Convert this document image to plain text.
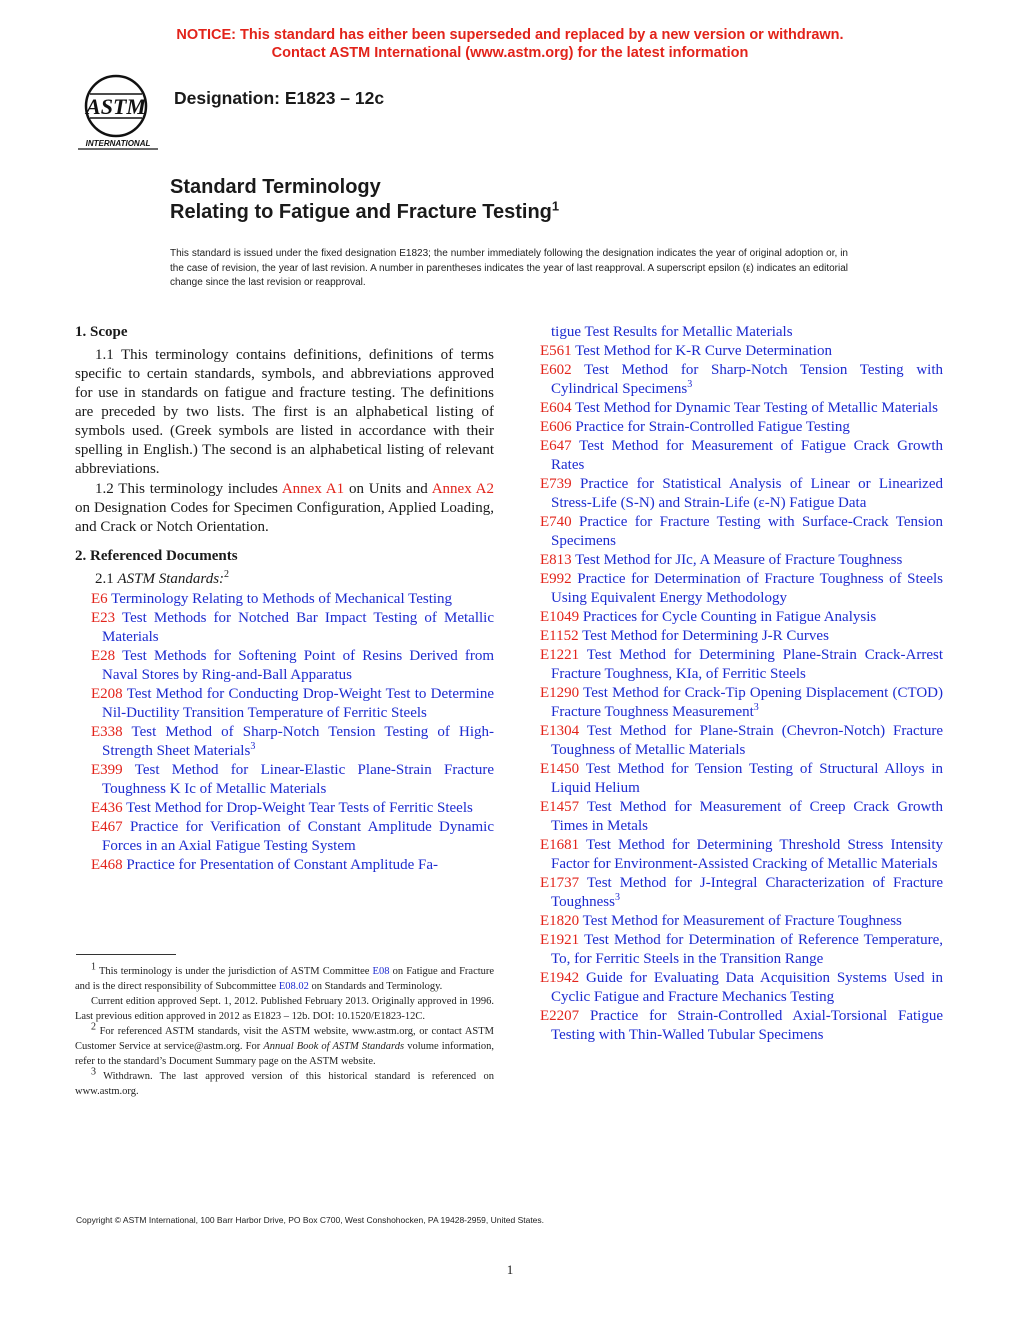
NOTICE: This standard has either been superseded and replaced by a new version or withdrawn.
Contact ASTM International (www.astm.org) for the latest information
ASTM
INTERNATIONAL
Designation: E1823 – 12c
Standard Terminology
Relating to Fatigue and Fracture Testing$^1$
This standard is issued under the fixed designation E1823; the number immediately following the designation indicates the year of original adoption or, in the case of revision, the year of last revision. A number in parentheses indicates the year of last reapproval. A superscript epsilon (ε) indicates an editorial change since the last revision or reapproval.
1. Scope

1.1 This terminology contains definitions, definitions of terms specific to certain standards, symbols, and abbreviations approved for use in standards on fatigue and fracture testing. The definitions are preceded by two lists. The first is an alphabetical listing of symbols used. (Greek symbols are listed in accordance with their spelling in English.) The second is an alphabetical listing of relevant abbreviations.

1.2 This terminology includes Annex A1 on Units and Annex A2 on Designation Codes for Specimen Configuration, Applied Loading, and Crack or Notch Orientation.

2. Referenced Documents
2.1 ASTM Standards:$^2$

E6 Terminology Relating to Methods of Mechanical Testing

E23 Test Methods for Notched Bar Impact Testing of Metallic Materials

E28 Test Methods for Softening Point of Resins Derived from Naval Stores by Ring-and-Ball Apparatus

E208 Test Method for Conducting Drop-Weight Test to Determine Nil-Ductility Transition Temperature of Ferritic Steels

E338 Test Method of Sharp-Notch Tension Testing of High-Strength Sheet Materials$^3$

E399 Test Method for Linear-Elastic Plane-Strain Fracture Toughness K Ic of Metallic Materials

E436 Test Method for Drop-Weight Tear Tests of Ferritic Steels

E467 Practice for Verification of Constant Amplitude Dynamic Forces in an Axial Fatigue Testing System

E468 Practice for Presentation of Constant Amplitude Fa-

tigue Test Results for Metallic Materials

E561 Test Method for K-R Curve Determination

E602 Test Method for Sharp-Notch Tension Testing with Cylindrical Specimens$^3$

E604 Test Method for Dynamic Tear Testing of Metallic Materials

E606 Practice for Strain-Controlled Fatigue Testing

E647 Test Method for Measurement of Fatigue Crack Growth Rates

E739 Practice for Statistical Analysis of Linear or Linearized Stress-Life (S-N) and Strain-Life (ε-N) Fatigue Data

E740 Practice for Fracture Testing with Surface-Crack Tension Specimens

E813 Test Method for JIc, A Measure of Fracture Toughness

E992 Practice for Determination of Fracture Toughness of Steels Using Equivalent Energy Methodology

E1049 Practices for Cycle Counting in Fatigue Analysis

E1152 Test Method for Determining J-R Curves

E1221 Test Method for Determining Plane-Strain Crack-Arrest Fracture Toughness, KIa, of Ferritic Steels

E1290 Test Method for Crack-Tip Opening Displacement (CTOD) Fracture Toughness Measurement$^3$

E1304 Test Method for Plane-Strain (Chevron-Notch) Fracture Toughness of Metallic Materials

E1450 Test Method for Tension Testing of Structural Alloys in Liquid Helium

E1457 Test Method for Measurement of Creep Crack Growth Times in Metals

E1681 Test Method for Determining Threshold Stress Intensity Factor for Environment-Assisted Cracking of Metallic Materials

E1737 Test Method for J-Integral Characterization of Fracture Toughness$^3$

E1820 Test Method for Measurement of Fracture Toughness

E1921 Test Method for Determination of Reference Temperature, To, for Ferritic Steels in the Transition Range

E1942 Guide for Evaluating Data Acquisition Systems Used in Cyclic Fatigue and Fracture Mechanics Testing

E2207 Practice for Strain-Controlled Axial-Torsional Fatigue Testing with Thin-Walled Tubular Specimens

$^1$ This terminology is under the jurisdiction of ASTM Committee E08 on Fatigue and Fracture and is the direct responsibility of Subcommittee E08.02 on Standards and Terminology.

Current edition approved Sept. 1, 2012. Published February 2013. Originally approved in 1996. Last previous edition approved in 2012 as E1823 – 12b. DOI: 10.1520/E1823-12C.

$^2$ For referenced ASTM standards, visit the ASTM website, www.astm.org, or contact ASTM Customer Service at service@astm.org. For Annual Book of ASTM Standards volume information, refer to the standard’s Document Summary page on the ASTM website.

$^3$ Withdrawn. The last approved version of this historical standard is referenced on www.astm.org.

Copyright © ASTM International, 100 Barr Harbor Drive, PO Box C700, West Conshohocken, PA 19428-2959, United States.
1
